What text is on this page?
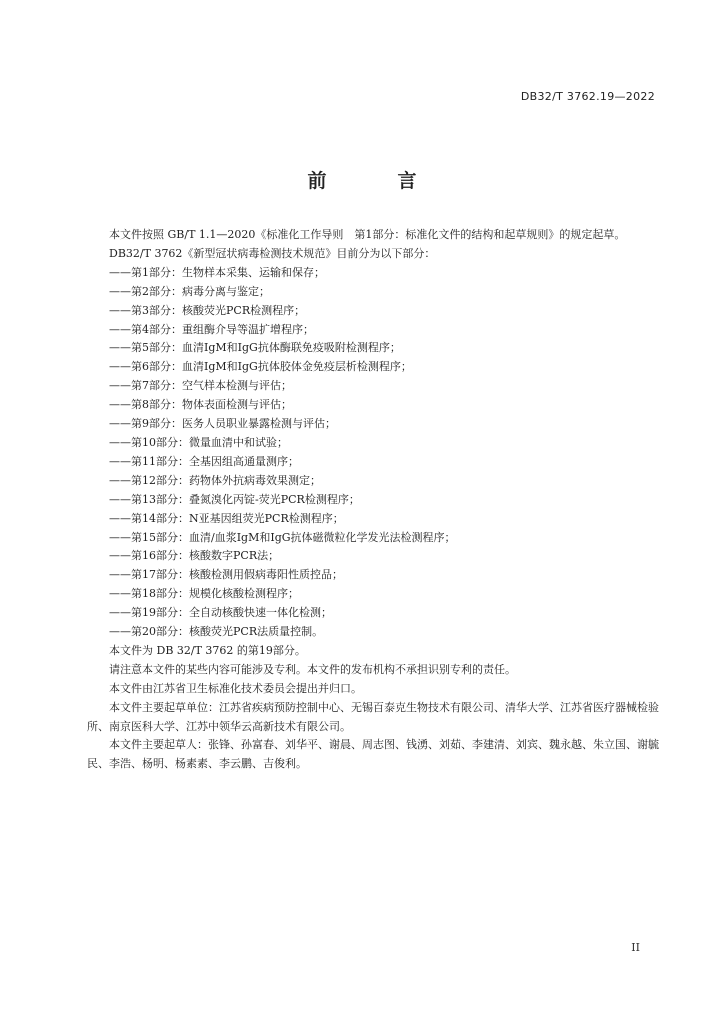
DB32/T 3762.19—2022
前　言

本文件按照 GB/T 1.1—2020《标准化工作导则　第1部分：标准化文件的结构和起草规则》的规定起草。

DB32/T 3762《新型冠状病毒检测技术规范》目前分为以下部分：

——第1部分：生物样本采集、运输和保存；

——第2部分：病毒分离与鉴定；

——第3部分：核酸荧光PCR检测程序；

——第4部分：重组酶介导等温扩增程序；

——第5部分：血清IgM和IgG抗体酶联免疫吸附检测程序；

——第6部分：血清IgM和IgG抗体胶体金免疫层析检测程序；

——第7部分：空气样本检测与评估；

——第8部分：物体表面检测与评估；

——第9部分：医务人员职业暴露检测与评估；

——第10部分：微量血清中和试验；

——第11部分：全基因组高通量测序；

——第12部分：药物体外抗病毒效果测定；

——第13部分：叠氮溴化丙锭-荧光PCR检测程序；

——第14部分：N亚基因组荧光PCR检测程序；

——第15部分：血清/血浆IgM和IgG抗体磁微粒化学发光法检测程序；

——第16部分：核酸数字PCR法；

——第17部分：核酸检测用假病毒阳性质控品；

——第18部分：规模化核酸检测程序；

——第19部分：全自动核酸快速一体化检测；

——第20部分：核酸荧光PCR法质量控制。

本文件为 DB 32/T 3762 的第19部分。

请注意本文件的某些内容可能涉及专利。本文件的发布机构不承担识别专利的责任。

本文件由江苏省卫生标准化技术委员会提出并归口。

本文件主要起草单位：江苏省疾病预防控制中心、无锡百泰克生物技术有限公司、清华大学、江苏省医疗器械检验所、南京医科大学、江苏中领华云高新技术有限公司。

本文件主要起草人：张锋、孙富春、刘华平、谢晨、周志图、钱湧、刘茹、李建清、刘宾、魏永越、朱立国、谢毓民、李浩、杨明、杨素素、李云鹏、吉俊利。

II
